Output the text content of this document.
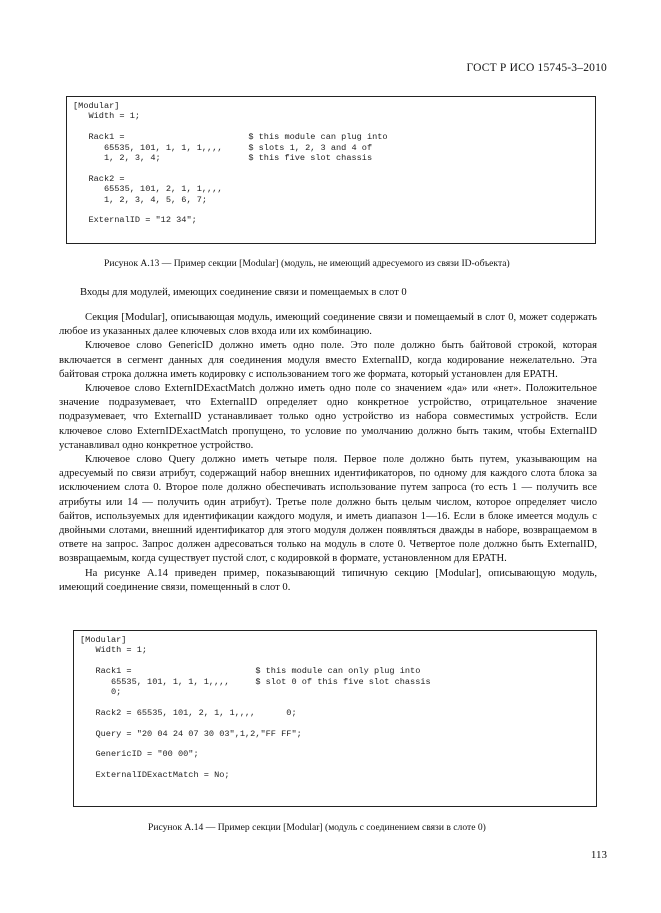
ГОСТ Р ИСО 15745-3–2010
[Modular]
Width = 1;

Rack1 =                        $ this module can plug into
65535, 101, 1, 1, 1,,,,     $ slots 1, 2, 3 and 4 of
1, 2, 3, 4;                 $ this five slot chassis

Rack2 =
65535, 101, 2, 1, 1,,,,
1, 2, 3, 4, 5, 6, 7;

ExternalID = "12 34";
Рисунок А.13 — Пример секции [Modular] (модуль, не имеющий адресуемого из связи ID-объекта)
Входы для модулей, имеющих соединение связи и помещаемых в слот 0

Секция [Modular], описывающая модуль, имеющий соединение связи и помещаемый в слот 0, может содержать любое из указанных далее ключевых слов входа или их комбинацию.

Ключевое слово GenericID должно иметь одно поле. Это поле должно быть байтовой строкой, которая включается в сегмент данных для соединения модуля вместо ExternalID, когда кодирование нежелательно. Эта байтовая строка должна иметь кодировку с использованием того же формата, который установлен для EPATH.

Ключевое слово ExternIDExactMatch должно иметь одно поле со значением «да» или «нет». Положительное значение подразумевает, что ExternalID определяет одно конкретное устройство, отрицательное значение подразумевает, что ExternalID устанавливает только одно устройство из набора совместимых устройств. Если ключевое слово ExternIDExactMatch пропущено, то условие по умолчанию должно быть таким, чтобы ExternalID устанавливал одно конкретное устройство.

Ключевое слово Query должно иметь четыре поля. Первое поле должно быть путем, указывающим на адресуемый по связи атрибут, содержащий набор внешних идентификаторов, по одному для каждого слота блока за исключением слота 0. Второе поле должно обеспечивать использование путем запроса (то есть 1 — получить все атрибуты или 14 — получить один атрибут). Третье поле должно быть целым числом, которое определяет число байтов, используемых для идентификации каждого модуля, и иметь диапазон 1—16. Если в блоке имеется модуль с двойными слотами, внешний идентификатор для этого модуля должен появляться дважды в наборе, возвращаемом в ответе на запрос. Запрос должен адресоваться только на модуль в слоте 0. Четвертое поле должно быть ExternalID, возвращаемым, когда существует пустой слот, с кодировкой в формате, установленном для EPATH.

На рисунке А.14 приведен пример, показывающий типичную секцию [Modular], описывающую модуль, имеющий соединение связи, помещенный в слот 0.

[Modular]
Width = 1;

Rack1 =                        $ this module can only plug into
65535, 101, 1, 1, 1,,,,     $ slot 0 of this five slot chassis
0;

Rack2 = 65535, 101, 2, 1, 1,,,,      0;

Query = "20 04 24 07 30 03",1,2,"FF FF";

GenericID = "00 00";

ExternalIDExactMatch = No;
Рисунок А.14 — Пример секции [Modular] (модуль с соединением связи в слоте 0)
113
